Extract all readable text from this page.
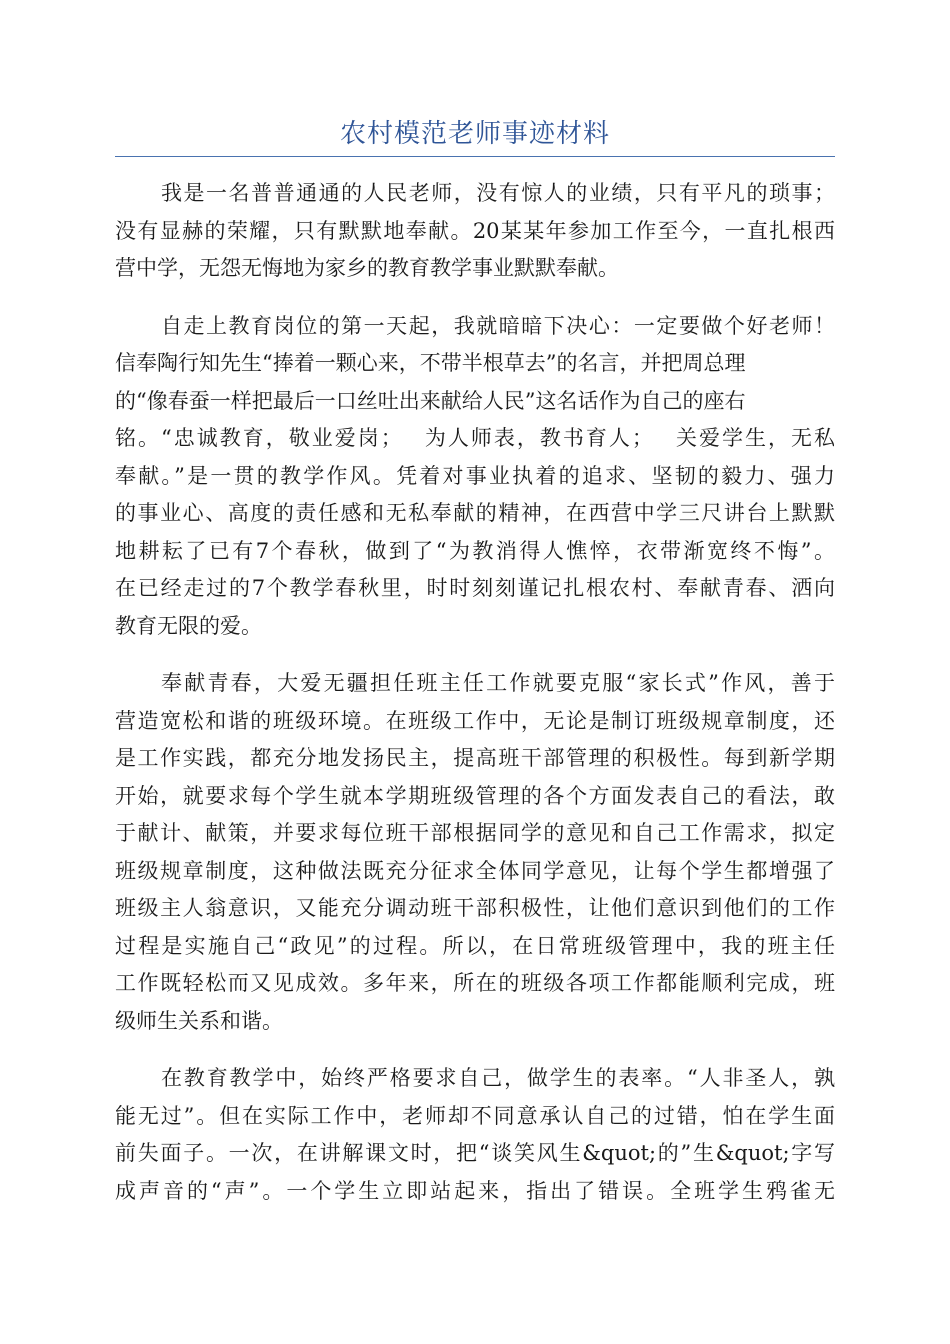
农村模范老师事迹材料

我是一名普普通通的人民老师，没有惊人的业绩，只有平凡的琐事；
没有显赫的荣耀，只有默默地奉献。20某某年参加工作至今，一直扎根西
营中学，无怨无悔地为家乡的教育教学事业默默奉献。

自走上教育岗位的第一天起，我就暗暗下决心：一定要做个好老师！
信奉陶行知先生“捧着一颗心来，不带半根草去”的名言，并把周总理
的“像春蚕一样把最后一口丝吐出来献给人民”这名话作为自己的座右
铭。“忠诚教育，敬业爱岗；　 为人师表，教书育人；　 关爱学生，无私
奉献。”是一贯的教学作风。凭着对事业执着的追求、坚韧的毅力、强力
的事业心、高度的责任感和无私奉献的精神，在西营中学三尺讲台上默默
地耕耘了已有7个春秋，做到了“为教消得人憔悴，衣带渐宽终不悔”。
在已经走过的7个教学春秋里，时时刻刻谨记扎根农村、奉献青春、洒向
教育无限的爱。

奉献青春，大爱无疆担任班主任工作就要克服“家长式”作风，善于
营造宽松和谐的班级环境。在班级工作中，无论是制订班级规章制度，还
是工作实践，都充分地发扬民主，提高班干部管理的积极性。每到新学期
开始，就要求每个学生就本学期班级管理的各个方面发表自己的看法，敢
于献计、献策，并要求每位班干部根据同学的意见和自己工作需求，拟定
班级规章制度，这种做法既充分征求全体同学意见，让每个学生都增强了
班级主人翁意识，又能充分调动班干部积极性，让他们意识到他们的工作
过程是实施自己“政见”的过程。所以，在日常班级管理中，我的班主任
工作既轻松而又见成效。多年来，所在的班级各项工作都能顺利完成，班
级师生关系和谐。

在教育教学中，始终严格要求自己，做学生的表率。“人非圣人，孰
能无过”。但在实际工作中，老师却不同意承认自己的过错，怕在学生面
前失面子。一次，在讲解课文时，把“谈笑风生&quot;的”生&quot;字写
成声音的“声”。一个学生立即站起来，指出了错误。全班学生鸦雀无
